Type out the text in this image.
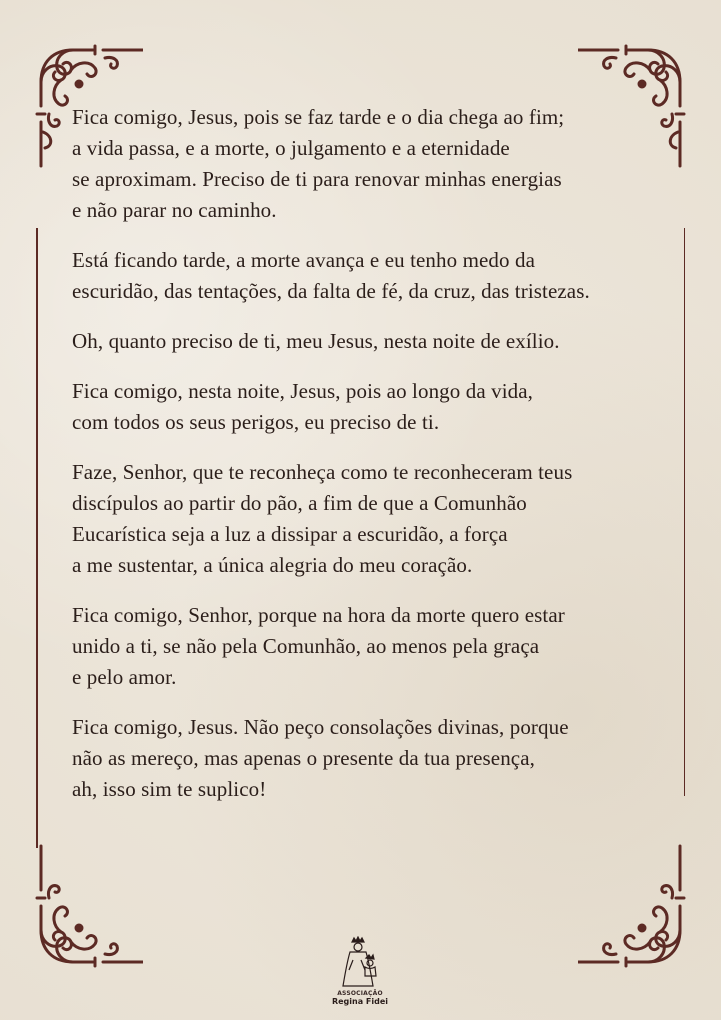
Fica comigo, Jesus, pois se faz tarde e o dia chega ao fim;
a vida passa, e a morte, o julgamento e a eternidade
se aproximam. Preciso de ti para renovar minhas energias
e não parar no caminho.

Está ficando tarde, a morte avança e eu tenho medo da
escuridão, das tentações, da falta de fé, da cruz, das tristezas.

Oh, quanto preciso de ti, meu Jesus, nesta noite de exílio.

Fica comigo, nesta noite, Jesus, pois ao longo da vida,
com todos os seus perigos, eu preciso de ti.

Faze, Senhor, que te reconheça como te reconheceram teus
discípulos ao partir do pão, a fim de que a Comunhão
Eucarística seja a luz a dissipar a escuridão, a força
a me sustentar, a única alegria do meu coração.

Fica comigo, Senhor, porque na hora da morte quero estar
unido a ti, se não pela Comunhão, ao menos pela graça
e pelo amor.

Fica comigo, Jesus. Não peço consolações divinas, porque
não as mereço, mas apenas o presente da tua presença,
ah, isso sim te suplico!

ASSOCIAÇÃO
Regina Fidei
